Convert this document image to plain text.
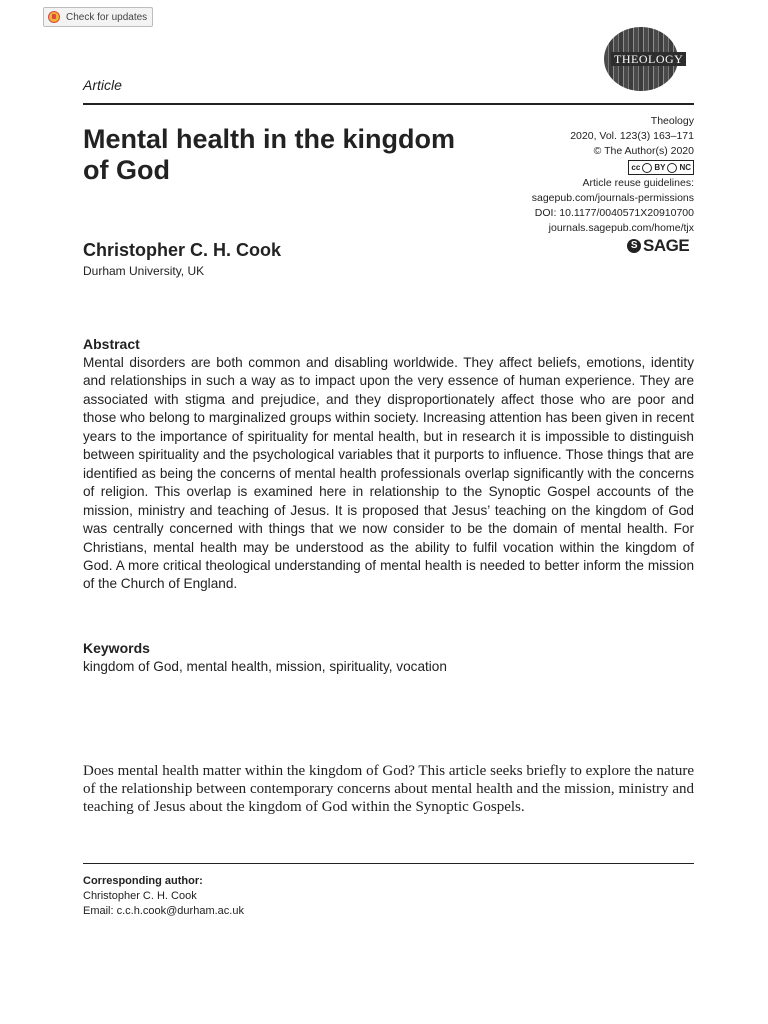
Check for updates
THEOLOGY
Article
Mental health in the kingdom of God
Theology
2020, Vol. 123(3) 163–171
© The Author(s) 2020
cc BY NC
Article reuse guidelines:
sagepub.com/journals-permissions
DOI: 10.1177/0040571X20910700
journals.sagepub.com/home/tjx
S SAGE
Christopher C. H. Cook
Durham University, UK
Abstract
Mental disorders are both common and disabling worldwide. They affect beliefs, emotions, identity and relationships in such a way as to impact upon the very essence of human experience. They are associated with stigma and prejudice, and they disproportionately affect those who are poor and those who belong to marginalized groups within society. Increasing attention has been given in recent years to the importance of spirituality for mental health, but in research it is impossible to distinguish between spirituality and the psychological variables that it purports to influence. Those things that are identified as being the concerns of mental health professionals overlap significantly with the concerns of religion. This overlap is examined here in relationship to the Synoptic Gospel accounts of the mission, ministry and teaching of Jesus. It is proposed that Jesus’ teaching on the kingdom of God was centrally concerned with things that we now consider to be the domain of mental health. For Christians, mental health may be understood as the ability to fulfil vocation within the kingdom of God. A more critical theological understanding of mental health is needed to better inform the mission of the Church of England.
Keywords
kingdom of God, mental health, mission, spirituality, vocation
Does mental health matter within the kingdom of God? This article seeks briefly to explore the nature of the relationship between contemporary concerns about mental health and the mission, ministry and teaching of Jesus about the kingdom of God within the Synoptic Gospels.
Corresponding author:
Christopher C. H. Cook
Email: c.c.h.cook@durham.ac.uk
